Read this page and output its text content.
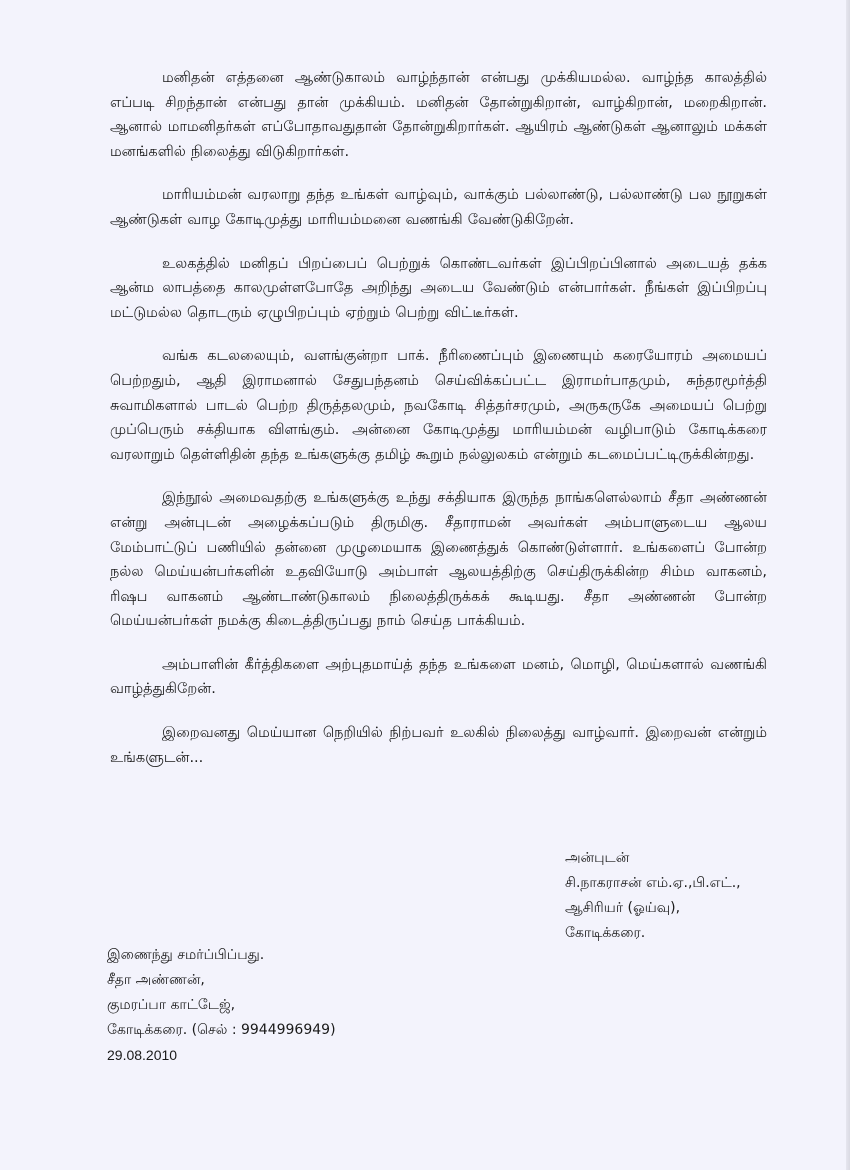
மனிதன் எத்தனை ஆண்டுகாலம் வாழ்ந்தான் என்பது முக்கியமல்ல. வாழ்ந்த காலத்தில் எப்படி சிறந்தான் என்பது தான் முக்கியம். மனிதன் தோன்றுகிறான், வாழ்கிறான், மறைகிறான். ஆனால் மாமனிதர்கள் எப்போதாவதுதான் தோன்றுகிறார்கள். ஆயிரம் ஆண்டுகள் ஆனாலும் மக்கள் மனங்களில் நிலைத்து விடுகிறார்கள்.

மாரியம்மன் வரலாறு தந்த உங்கள் வாழ்வும், வாக்கும் பல்லாண்டு, பல்லாண்டு பல நூறுகள் ஆண்டுகள் வாழ கோடிமுத்து மாரியம்மனை வணங்கி வேண்டுகிறேன்.

உலகத்தில் மனிதப் பிறப்பைப் பெற்றுக் கொண்டவர்கள் இப்பிறப்பினால் அடையத் தக்க ஆன்ம லாபத்தை காலமுள்ளபோதே அறிந்து அடைய வேண்டும் என்பார்கள். நீங்கள் இப்பிறப்பு மட்டுமல்ல தொடரும் ஏழுபிறப்பும் ஏற்றும் பெற்று விட்டீர்கள்.

வங்க கடலலையும், வளங்குன்றா பாக். நீரிணைப்பும் இணையும் கரையோரம் அமையப் பெற்றதும், ஆதி இராமனால் சேதுபந்தனம் செய்விக்கப்பட்ட இராமர்பாதமும், சுந்தரமூர்த்தி சுவாமிகளால் பாடல் பெற்ற திருத்தலமும், நவகோடி சித்தர்சரமும், அருகருகே அமையப் பெற்று முப்பெரும் சக்தியாக விளங்கும். அன்னை கோடிமுத்து மாரியம்மன் வழிபாடும் கோடிக்கரை வரலாறும் தெள்ளிதின் தந்த உங்களுக்கு தமிழ் கூறும் நல்லுலகம் என்றும் கடமைப்பட்டிருக்கின்றது.

இந்நூல் அமைவதற்கு உங்களுக்கு உந்து சக்தியாக இருந்த நாங்களெல்லாம் சீதா அண்ணன் என்று அன்புடன் அழைக்கப்படும் திருமிகு. சீதாராமன் அவர்கள் அம்பாளுடைய ஆலய மேம்பாட்டுப் பணியில் தன்னை முழுமையாக இணைத்துக் கொண்டுள்ளார். உங்களைப் போன்ற நல்ல மெய்யன்பர்களின் உதவியோடு அம்பாள் ஆலயத்திற்கு செய்திருக்கின்ற சிம்ம வாகனம், ரிஷப வாகனம் ஆண்டாண்டுகாலம் நிலைத்திருக்கக் கூடியது. சீதா அண்ணன் போன்ற மெய்யன்பர்கள் நமக்கு கிடைத்திருப்பது நாம் செய்த பாக்கியம்.

அம்பாளின் கீர்த்திகளை அற்புதமாய்த் தந்த உங்களை மனம், மொழி, மெய்களால் வணங்கி வாழ்த்துகிறேன்.

இறைவனது மெய்யான நெறியில் நிற்பவர் உலகில் நிலைத்து வாழ்வார். இறைவன் என்றும் உங்களுடன்...

அன்புடன்
சி.நாகராசன் எம்.ஏ.,பி.எட்.,
ஆசிரியர் (ஓய்வு),
கோடிக்கரை.
இணைந்து சமர்ப்பிப்பது.
சீதா அண்ணன்,
குமரப்பா காட்டேஜ்,
கோடிக்கரை. (செல் : 9944996949)
29.08.2010
